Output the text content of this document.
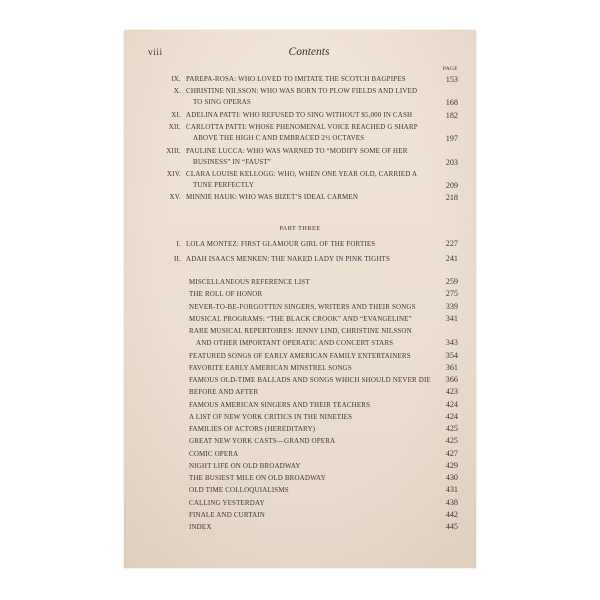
viii	Contents
PAGE
IX. PAREPA-ROSA: WHO LOVED TO IMITATE THE SCOTCH BAGPIPES	153
X. CHRISTINE NILSSON: WHO WAS BORN TO PLOW FIELDS AND LIVED
TO SING OPERAS	168
XI. ADELINA PATTI: WHO REFUSED TO SING WITHOUT $5,000 IN CASH	182
XII. CARLOTTA PATTI: WHOSE PHENOMENAL VOICE REACHED G SHARP
ABOVE THE HIGH C AND EMBRACED 2½ OCTAVES	197
XIII. PAULINE LUCCA: WHO WAS WARNED TO “MODIFY SOME OF HER
BUSINESS” IN “FAUST”	203
XIV. CLARA LOUISE KELLOGG: WHO, WHEN ONE YEAR OLD, CARRIED A
TUNE PERFECTLY	209
XV. MINNIE HAUK: WHO WAS BIZET’S IDEAL CARMEN	218
PART THREE
I. LOLA MONTEZ: FIRST GLAMOUR GIRL OF THE FORTIES	227
II. ADAH ISAACS MENKEN: THE NAKED LADY IN PINK TIGHTS	241
MISCELLANEOUS REFERENCE LIST	259
THE ROLL OF HONOR	275
NEVER-TO-BE-FORGOTTEN SINGERS, WRITERS AND THEIR SONGS	339
MUSICAL PROGRAMS: “THE BLACK CROOK” AND “EVANGELINE”	341
RARE MUSICAL REPERTOIRES: JENNY LIND, CHRISTINE NILSSON
AND OTHER IMPORTANT OPERATIC AND CONCERT STARS	343
FEATURED SONGS OF EARLY AMERICAN FAMILY ENTERTAINERS	354
FAVORITE EARLY AMERICAN MINSTREL SONGS	361
FAMOUS OLD-TIME BALLADS AND SONGS WHICH SHOULD NEVER DIE	366
BEFORE AND AFTER	423
FAMOUS AMERICAN SINGERS AND THEIR TEACHERS	424
A LIST OF NEW YORK CRITICS IN THE NINETIES	424
FAMILIES OF ACTORS (HEREDITARY)	425
GREAT NEW YORK CASTS—GRAND OPERA	425
COMIC OPERA	427
NIGHT LIFE ON OLD BROADWAY	429
THE BUSIEST MILE ON OLD BROADWAY	430
OLD TIME COLLOQUIALISMS	431
CALLING YESTERDAY	438
FINALE AND CURTAIN	442
INDEX	445
